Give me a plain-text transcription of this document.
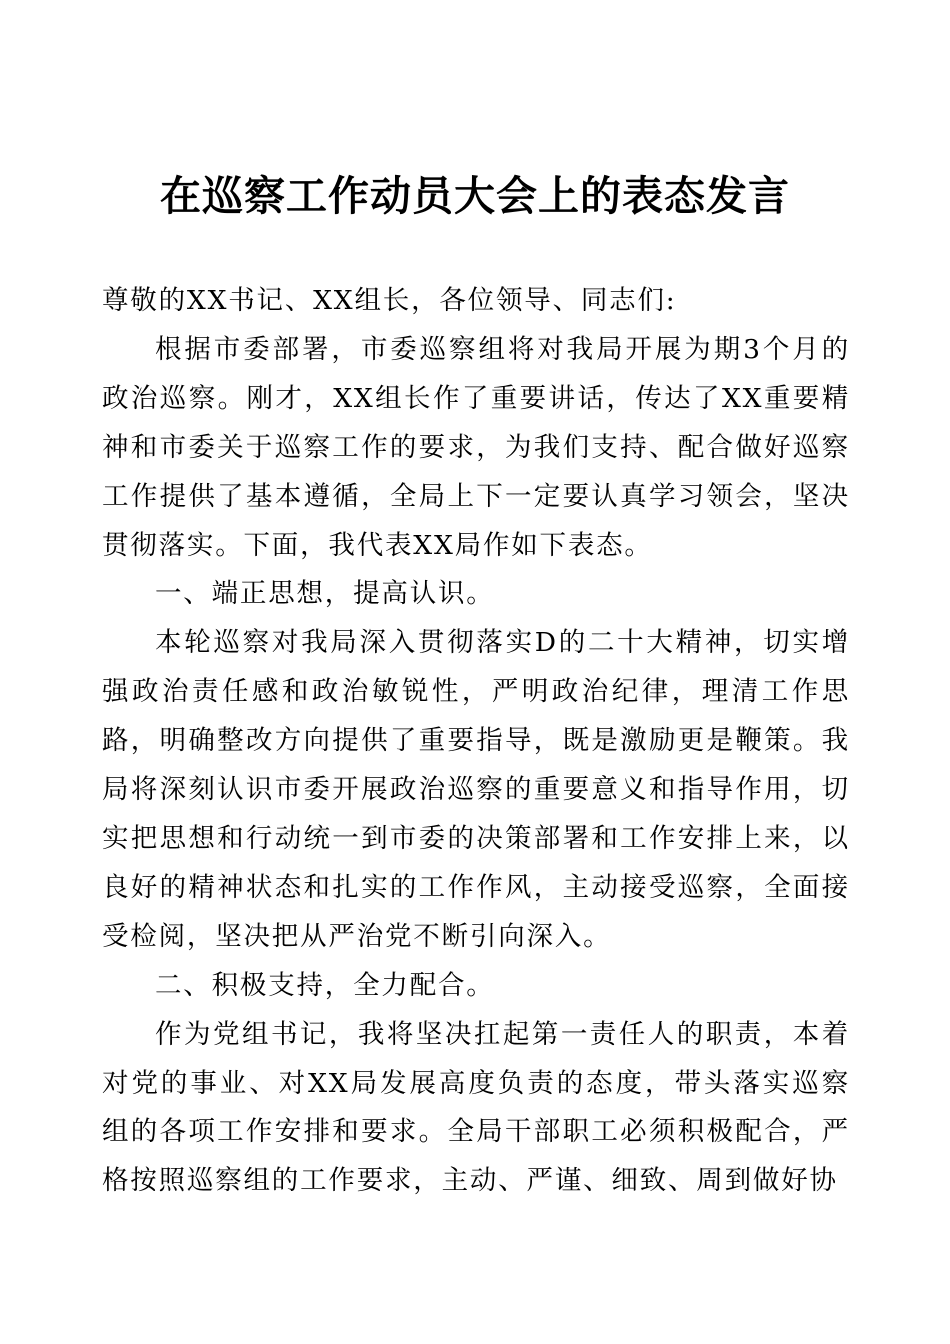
在巡察工作动员大会上的表态发言

尊敬的XX书记、XX组长，各位领导、同志们:

根据市委部署，市委巡察组将对我局开展为期3个月的政治巡察。刚才，XX组长作了重要讲话，传达了XX重要精神和市委关于巡察工作的要求，为我们支持、配合做好巡察工作提供了基本遵循，全局上下一定要认真学习领会，坚决贯彻落实。下面，我代表XX局作如下表态。

一、端正思想，提高认识。

本轮巡察对我局深入贯彻落实D的二十大精神，切实增强政治责任感和政治敏锐性，严明政治纪律，理清工作思路，明确整改方向提供了重要指导，既是激励更是鞭策。我局将深刻认识市委开展政治巡察的重要意义和指导作用，切实把思想和行动统一到市委的决策部署和工作安排上来，以良好的精神状态和扎实的工作作风，主动接受巡察，全面接受检阅，坚决把从严治党不断引向深入。

二、积极支持，全力配合。

作为党组书记，我将坚决扛起第一责任人的职责，本着对党的事业、对XX局发展高度负责的态度，带头落实巡察组的各项工作安排和要求。全局干部职工必须积极配合，严格按照巡察组的工作要求，主动、严谨、细致、周到做好协
